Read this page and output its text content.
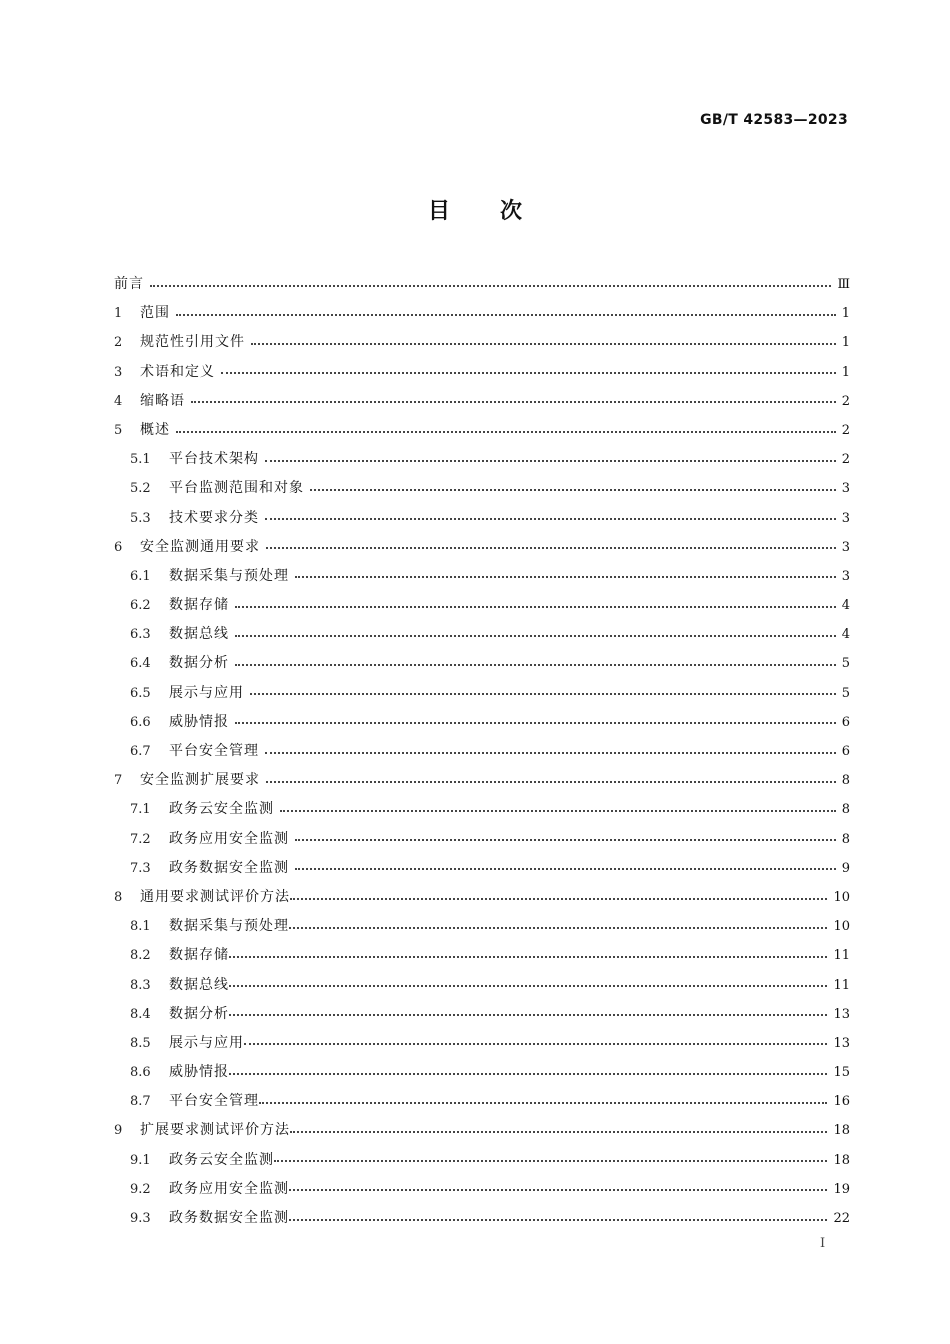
GB/T 42583—2023
目 次
前言	Ⅲ
1	范围	1
2	规范性引用文件	1
3	术语和定义	1
4	缩略语	2
5	概述	2
5.1	平台技术架构	2
5.2	平台监测范围和对象	3
5.3	技术要求分类	3
6	安全监测通用要求	3
6.1	数据采集与预处理	3
6.2	数据存储	4
6.3	数据总线	4
6.4	数据分析	5
6.5	展示与应用	5
6.6	威胁情报	6
6.7	平台安全管理	6
7	安全监测扩展要求	8
7.1	政务云安全监测	8
7.2	政务应用安全监测	8
7.3	政务数据安全监测	9
8	通用要求测试评价方法	10
8.1	数据采集与预处理	10
8.2	数据存储	11
8.3	数据总线	11
8.4	数据分析	13
8.5	展示与应用	13
8.6	威胁情报	15
8.7	平台安全管理	16
9	扩展要求测试评价方法	18
9.1	政务云安全监测	18
9.2	政务应用安全监测	19
9.3	政务数据安全监测	22
Ⅰ
